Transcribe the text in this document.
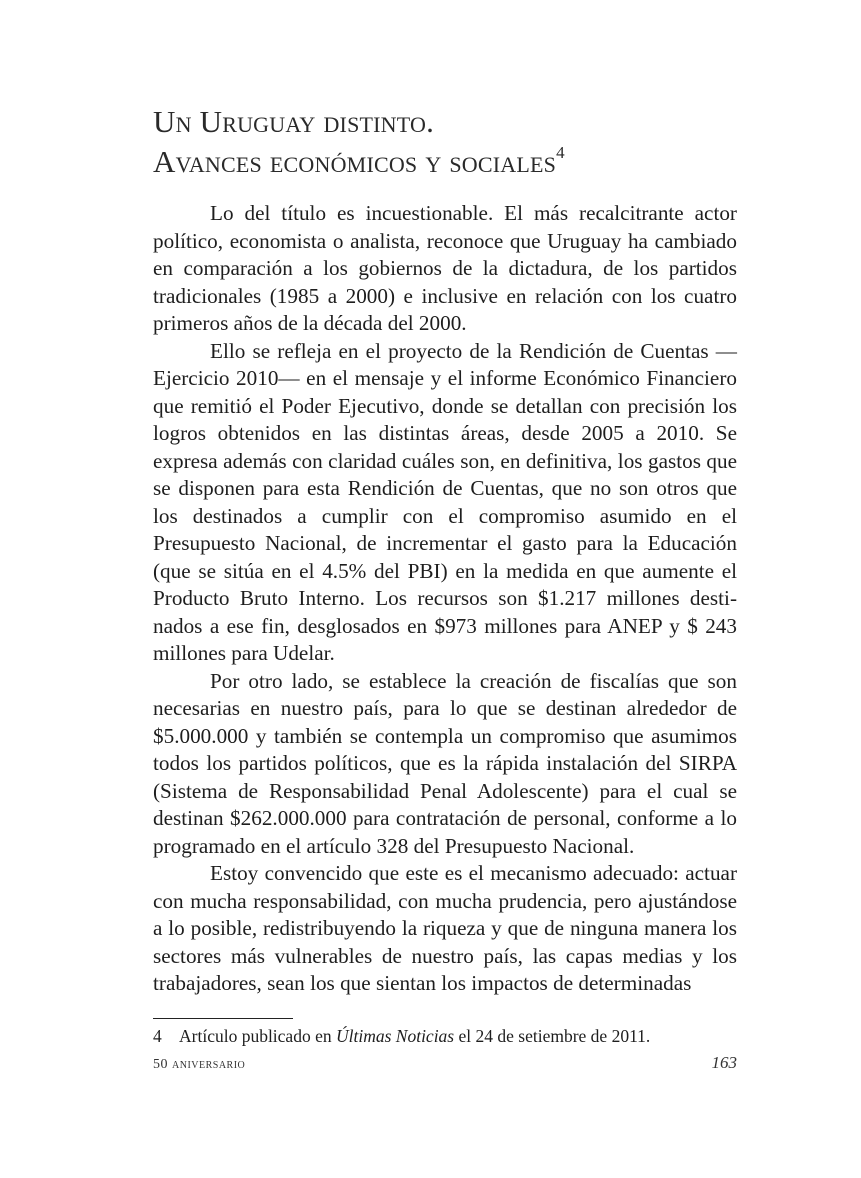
Un Uruguay distinto.
Avances económicos y sociales$^4$

Lo del título es incuestionable. El más recalcitrante actor político, economista o analista, reconoce que Uruguay ha cambiado en comparación a los gobiernos de la dictadura, de los partidos tradicionales (1985 a 2000) e inclusive en relación con los cuatro primeros años de la década del 2000.

Ello se refleja en el proyecto de la Rendición de Cuentas —Ejercicio 2010— en el mensaje y el informe Económico Financiero que remitió el Poder Ejecutivo, donde se detallan con precisión los logros obtenidos en las distintas áreas, desde 2005 a 2010. Se expresa además con claridad cuáles son, en definitiva, los gastos que se disponen para esta Rendición de Cuentas, que no son otros que los destinados a cumplir con el compromiso asumido en el Presupuesto Nacional, de incrementar el gasto para la Educación (que se sitúa en el 4.5% del PBI) en la medida en que aumente el Producto Bruto Interno. Los recursos son $1.217 millones destinados a ese fin, desglosados en $973 millones para ANEP y $ 243 millones para Udelar.

Por otro lado, se establece la creación de fiscalías que son necesarias en nuestro país, para lo que se destinan alrededor de $5.000.000 y también se contempla un compromiso que asumimos todos los partidos políticos, que es la rápida instalación del SIRPA (Sistema de Responsabilidad Penal Adolescente) para el cual se destinan $262.000.000 para contratación de personal, conforme a lo programado en el artículo 328 del Presupuesto Nacional.

Estoy convencido que este es el mecanismo adecuado: actuar con mucha responsabilidad, con mucha prudencia, pero ajustándose a lo posible, redistribuyendo la riqueza y que de ninguna manera los sectores más vulnerables de nuestro país, las capas medias y los trabajadores, sean los que sientan los impactos de determinadas

4 Artículo publicado en Últimas Noticias el 24 de setiembre de 2011.
50 aniversario	163
